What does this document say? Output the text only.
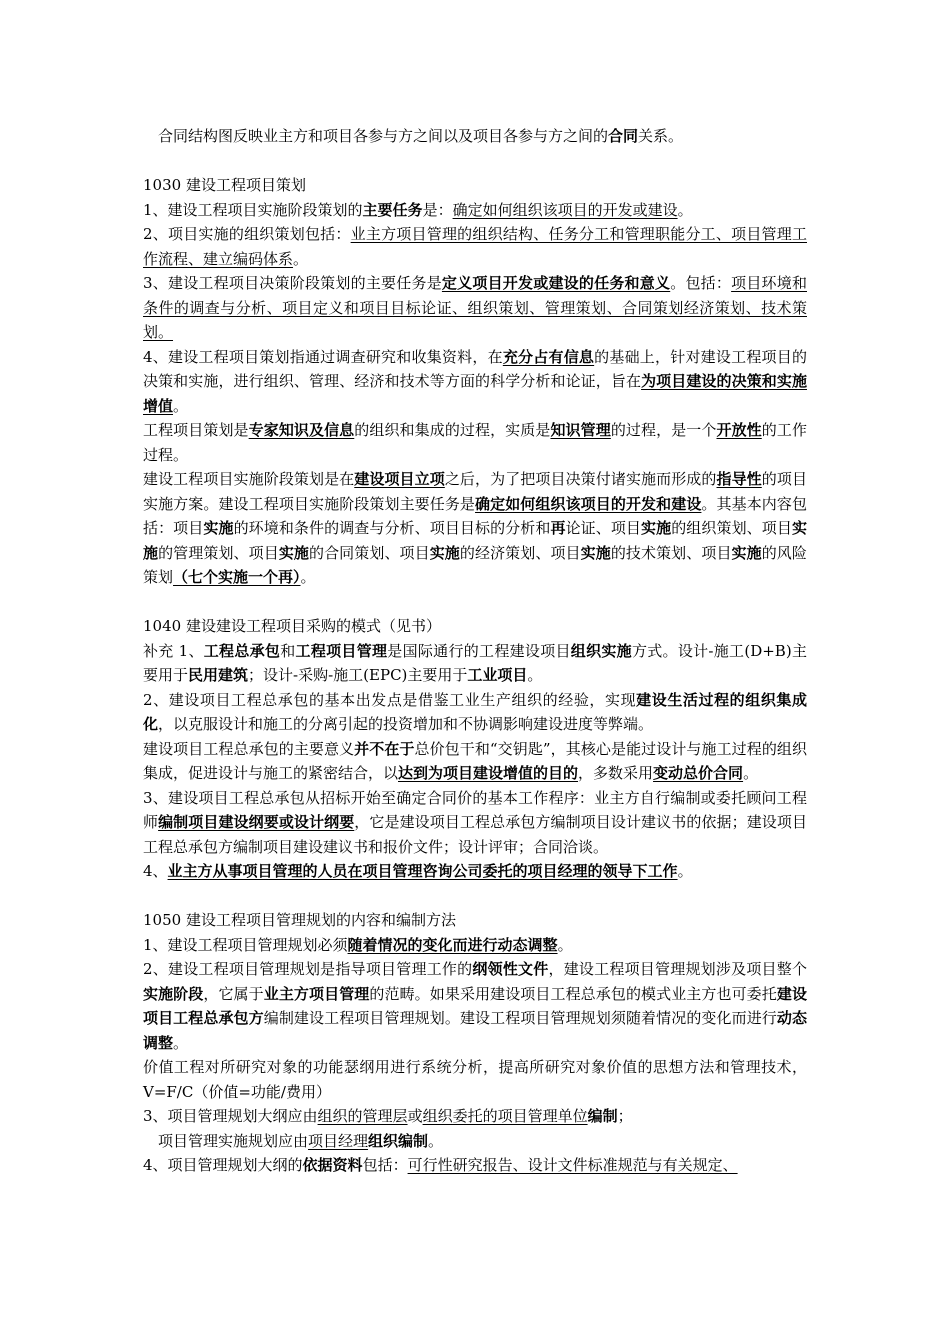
合同结构图反映业主方和项目各参与方之间以及项目各参与方之间的合同关系。

1030 建设工程项目策划

1、建设工程项目实施阶段策划的主要任务是：确定如何组织该项目的开发或建设。

2、项目实施的组织策划包括：业主方项目管理的组织结构、任务分工和管理职能分工、项目管理工作流程、建立编码体系。

3、建设工程项目决策阶段策划的主要任务是定义项目开发或建设的任务和意义。包括：项目环境和条件的调查与分析、项目定义和项目目标论证、组织策划、管理策划、合同策划经济策划、技术策划。

4、建设工程项目策划指通过调查研究和收集资料，在充分占有信息的基础上，针对建设工程项目的决策和实施，进行组织、管理、经济和技术等方面的科学分析和论证，旨在为项目建设的决策和实施增值。

工程项目策划是专家知识及信息的组织和集成的过程，实质是知识管理的过程，是一个开放性的工作过程。

建设工程项目实施阶段策划是在建设项目立项之后，为了把项目决策付诸实施而形成的指导性的项目实施方案。建设工程项目实施阶段策划主要任务是确定如何组织该项目的开发和建设。其基本内容包括：项目实施的环境和条件的调查与分析、项目目标的分析和再论证、项目实施的组织策划、项目实施的管理策划、项目实施的合同策划、项目实施的经济策划、项目实施的技术策划、项目实施的风险策划（七个实施一个再）。

1040 建设建设工程项目采购的模式（见书）

补充 1、工程总承包和工程项目管理是国际通行的工程建设项目组织实施方式。设计-施工(D+B)主要用于民用建筑；设计-采购-施工(EPC)主要用于工业项目。

2、建设项目工程总承包的基本出发点是借鉴工业生产组织的经验，实现建设生活过程的组织集成化，以克服设计和施工的分离引起的投资增加和不协调影响建设进度等弊端。

建设项目工程总承包的主要意义并不在于总价包干和“交钥匙”，其核心是能过设计与施工过程的组织集成，促进设计与施工的紧密结合，以达到为项目建设增值的目的，多数采用变动总价合同。

3、建设项目工程总承包从招标开始至确定合同价的基本工作程序：业主方自行编制或委托顾问工程师编制项目建设纲要或设计纲要，它是建设项目工程总承包方编制项目设计建议书的依据；建设项目工程总承包方编制项目建设建议书和报价文件；设计评审；合同洽谈。

4、业主方从事项目管理的人员在项目管理咨询公司委托的项目经理的领导下工作。

1050 建设工程项目管理规划的内容和编制方法

1、建设工程项目管理规划必须随着情况的变化而进行动态调整。

2、建设工程项目管理规划是指导项目管理工作的纲领性文件，建设工程项目管理规划涉及项目整个实施阶段，它属于业主方项目管理的范畴。如果采用建设项目工程总承包的模式业主方也可委托建设项目工程总承包方编制建设工程项目管理规划。建设工程项目管理规划须随着情况的变化而进行动态调整。

价值工程对所研究对象的功能瑟纲用进行系统分析，提高所研究对象价值的思想方法和管理技术，V=F/C（价值=功能/费用）

3、项目管理规划大纲应由组织的管理层或组织委托的项目管理单位编制；

项目管理实施规划应由项目经理组织编制。

4、项目管理规划大纲的依据资料包括：可行性研究报告、设计文件标准规范与有关规定、
